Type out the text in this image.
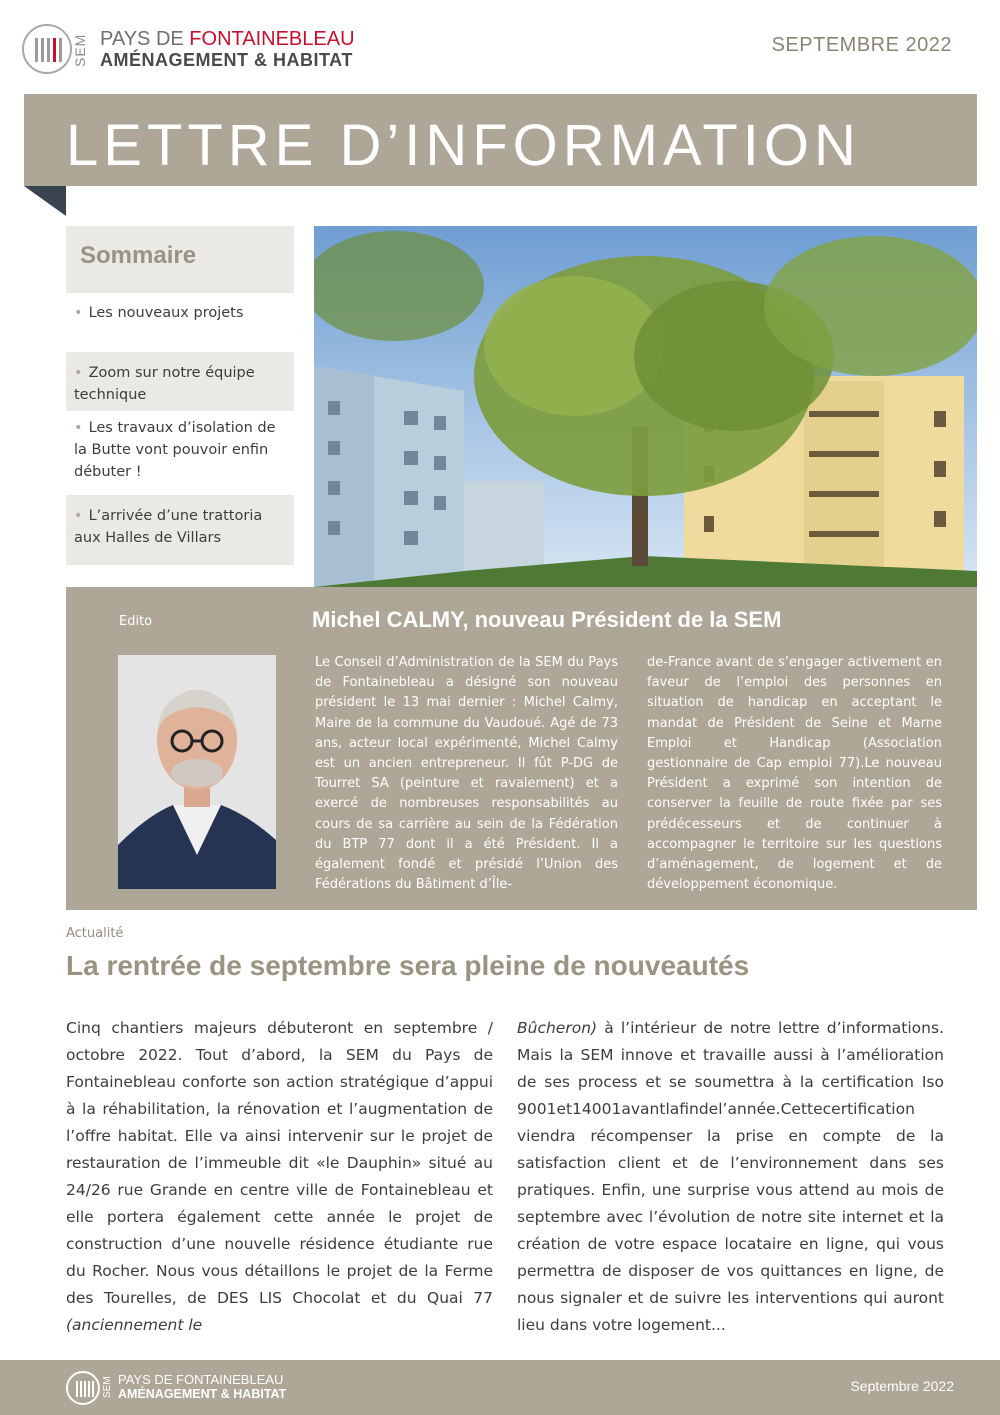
SEM PAYS DE FONTAINEBLEAU
AMÉNAGEMENT & HABITAT
SEPTEMBRE 2022
LETTRE D’INFORMATION
Sommaire
• Les nouveaux projets
• Zoom sur notre équipe technique
• Les travaux d’isolation de la Butte vont pouvoir enfin débuter !
• L’arrivée d’une trattoria aux Halles de Villars
Edito	Michel CALMY, nouveau Président de la SEM
Le Conseil d’Administration de la SEM du Pays de Fontainebleau a désigné son nouveau président le 13 mai dernier : Michel Calmy, Maire de la commune du Vaudoué. Agé de 73 ans, acteur local expérimenté, Michel Calmy est un ancien entrepreneur. Il fût P-DG de Tourret SA (peinture et ravalement) et a exercé de nombreuses responsabilités au cours de sa carrière au sein de la Fédération du BTP 77 dont il a été Président. Il a également fondé et présidé l’Union des Fédérations du Bâtiment d’Île-
de-France avant de s’engager activement en faveur de l’emploi des personnes en situation de handicap en acceptant le mandat de Président de Seine et Marne Emploi et Handicap (Association gestionnaire de Cap emploi 77).Le nouveau Président a exprimé son intention de conserver la feuille de route fixée par ses prédécesseurs et de continuer à accompagner le territoire sur les questions d’aménagement, de logement et de développement économique.
Actualité
La rentrée de septembre sera pleine de nouveautés
Cinq chantiers majeurs débuteront en septembre / octobre 2022. Tout d’abord, la SEM du Pays de Fontainebleau conforte son action stratégique d’appui à la réhabilitation, la rénovation et l’augmentation de l’offre habitat. Elle va ainsi intervenir sur le projet de restauration de l’immeuble dit «le Dauphin» situé au 24/26 rue Grande en centre ville de Fontainebleau et elle portera également cette année le projet de construction d’une nouvelle résidence étudiante rue du Rocher. Nous vous détaillons le projet de la Ferme des Tourelles, de DES LIS Chocolat et du Quai 77 (anciennement le
Bûcheron) à l’intérieur de notre lettre d’informations. Mais la SEM innove et travaille aussi à l’amélioration de ses process et se soumettra à la certification Iso 9001et14001avantlafindel’année.Cettecertification viendra récompenser la prise en compte de la satisfaction client et de l’environnement dans ses pratiques. Enfin, une surprise vous attend au mois de septembre avec l’évolution de notre site internet et la création de votre espace locataire en ligne, qui vous permettra de disposer de vos quittances en ligne, de nous signaler et de suivre les interventions qui auront lieu dans votre logement...
SEM PAYS DE FONTAINEBLEAU
AMÉNAGEMENT & HABITAT	Septembre 2022
